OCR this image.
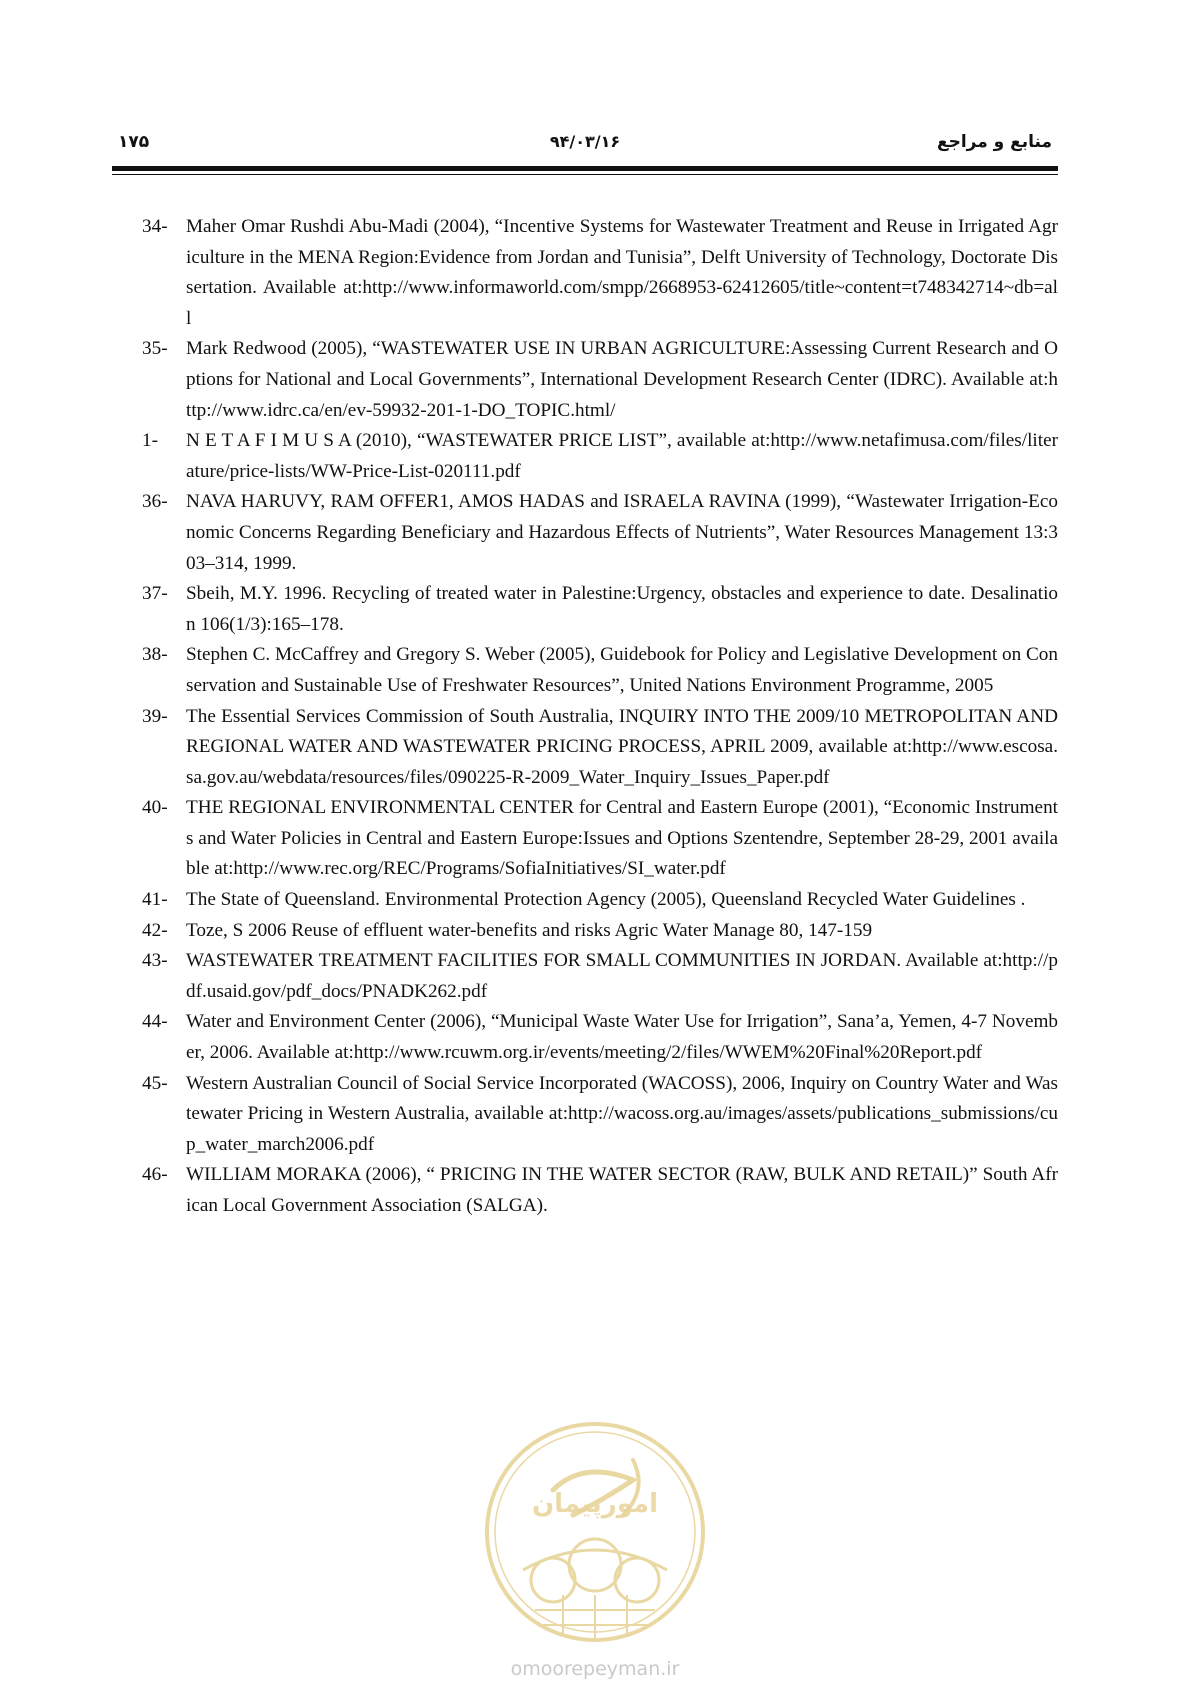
۱۷۵	۹۴/۰۳/۱۶	منابع و مراجع
34- Maher Omar Rushdi Abu-Madi (2004), “Incentive Systems for Wastewater Treatment and Reuse in Irrigated Agriculture in the MENA Region:Evidence from Jordan and Tunisia”, Delft University of Technology, Doctorate Dissertation. Available at:http://www.informaworld.com/smpp/2668953-62412605/title~content=t748342714~db=all
35- Mark Redwood (2005), “WASTEWATER USE IN URBAN AGRICULTURE:Assessing Current Research and Options for National and Local Governments”, International Development Research Center (IDRC). Available at:http://www.idrc.ca/en/ev-59932-201-1-DO_TOPIC.html/
1-	N E T A F I M U S A (2010), “WASTEWATER PRICE LIST”, available at:http://www.netafimusa.com/files/literature/price-lists/WW-Price-List-020111.pdf
36- NAVA HARUVY, RAM OFFER1, AMOS HADAS and ISRAELA RAVINA (1999), “Wastewater Irrigation-Economic Concerns Regarding Beneficiary and Hazardous Effects of Nutrients”, Water Resources Management 13:303–314, 1999.
37- Sbeih, M.Y. 1996. Recycling of treated water in Palestine:Urgency, obstacles and experience to date. Desalination 106(1/3):165–178.
38- Stephen C. McCaffrey and Gregory S. Weber (2005), Guidebook for Policy and Legislative Development on Conservation and Sustainable Use of Freshwater Resources”, United Nations Environment Programme, 2005
39- The Essential Services Commission of South Australia, INQUIRY INTO THE 2009/10 METROPOLITAN AND REGIONAL WATER AND WASTEWATER PRICING PROCESS, APRIL 2009, available at:http://www.escosa.sa.gov.au/webdata/resources/files/090225-R-2009_Water_Inquiry_Issues_Paper.pdf
40- THE REGIONAL ENVIRONMENTAL CENTER for Central and Eastern Europe (2001), “Economic Instruments and Water Policies in Central and Eastern Europe:Issues and Options Szentendre, September 28-29, 2001 available at:http://www.rec.org/REC/Programs/SofiaInitiatives/SI_water.pdf
41- The State of Queensland. Environmental Protection Agency (2005), Queensland Recycled Water Guidelines .
42- Toze, S 2006 Reuse of effluent water-benefits and risks Agric Water Manage 80, 147-159
43- WASTEWATER TREATMENT FACILITIES FOR SMALL COMMUNITIES IN JORDAN. Available at:http://pdf.usaid.gov/pdf_docs/PNADK262.pdf
44- Water and Environment Center (2006), “Municipal Waste Water Use for Irrigation”, Sana’a, Yemen, 4-7 November, 2006. Available at:http://www.rcuwm.org.ir/events/meeting/2/files/WWEM%20Final%20Report.pdf
45- Western Australian Council of Social Service Incorporated (WACOSS), 2006, Inquiry on Country Water and Wastewater Pricing in Western Australia, available at:http://wacoss.org.au/images/assets/publications_submissions/cup_water_march2006.pdf
46- WILLIAM MORAKA (2006), “ PRICING IN THE WATER SECTOR (RAW, BULK AND RETAIL)” South African Local Government Association (SALGA).
امورپیمان
omoorepeyman.ir
